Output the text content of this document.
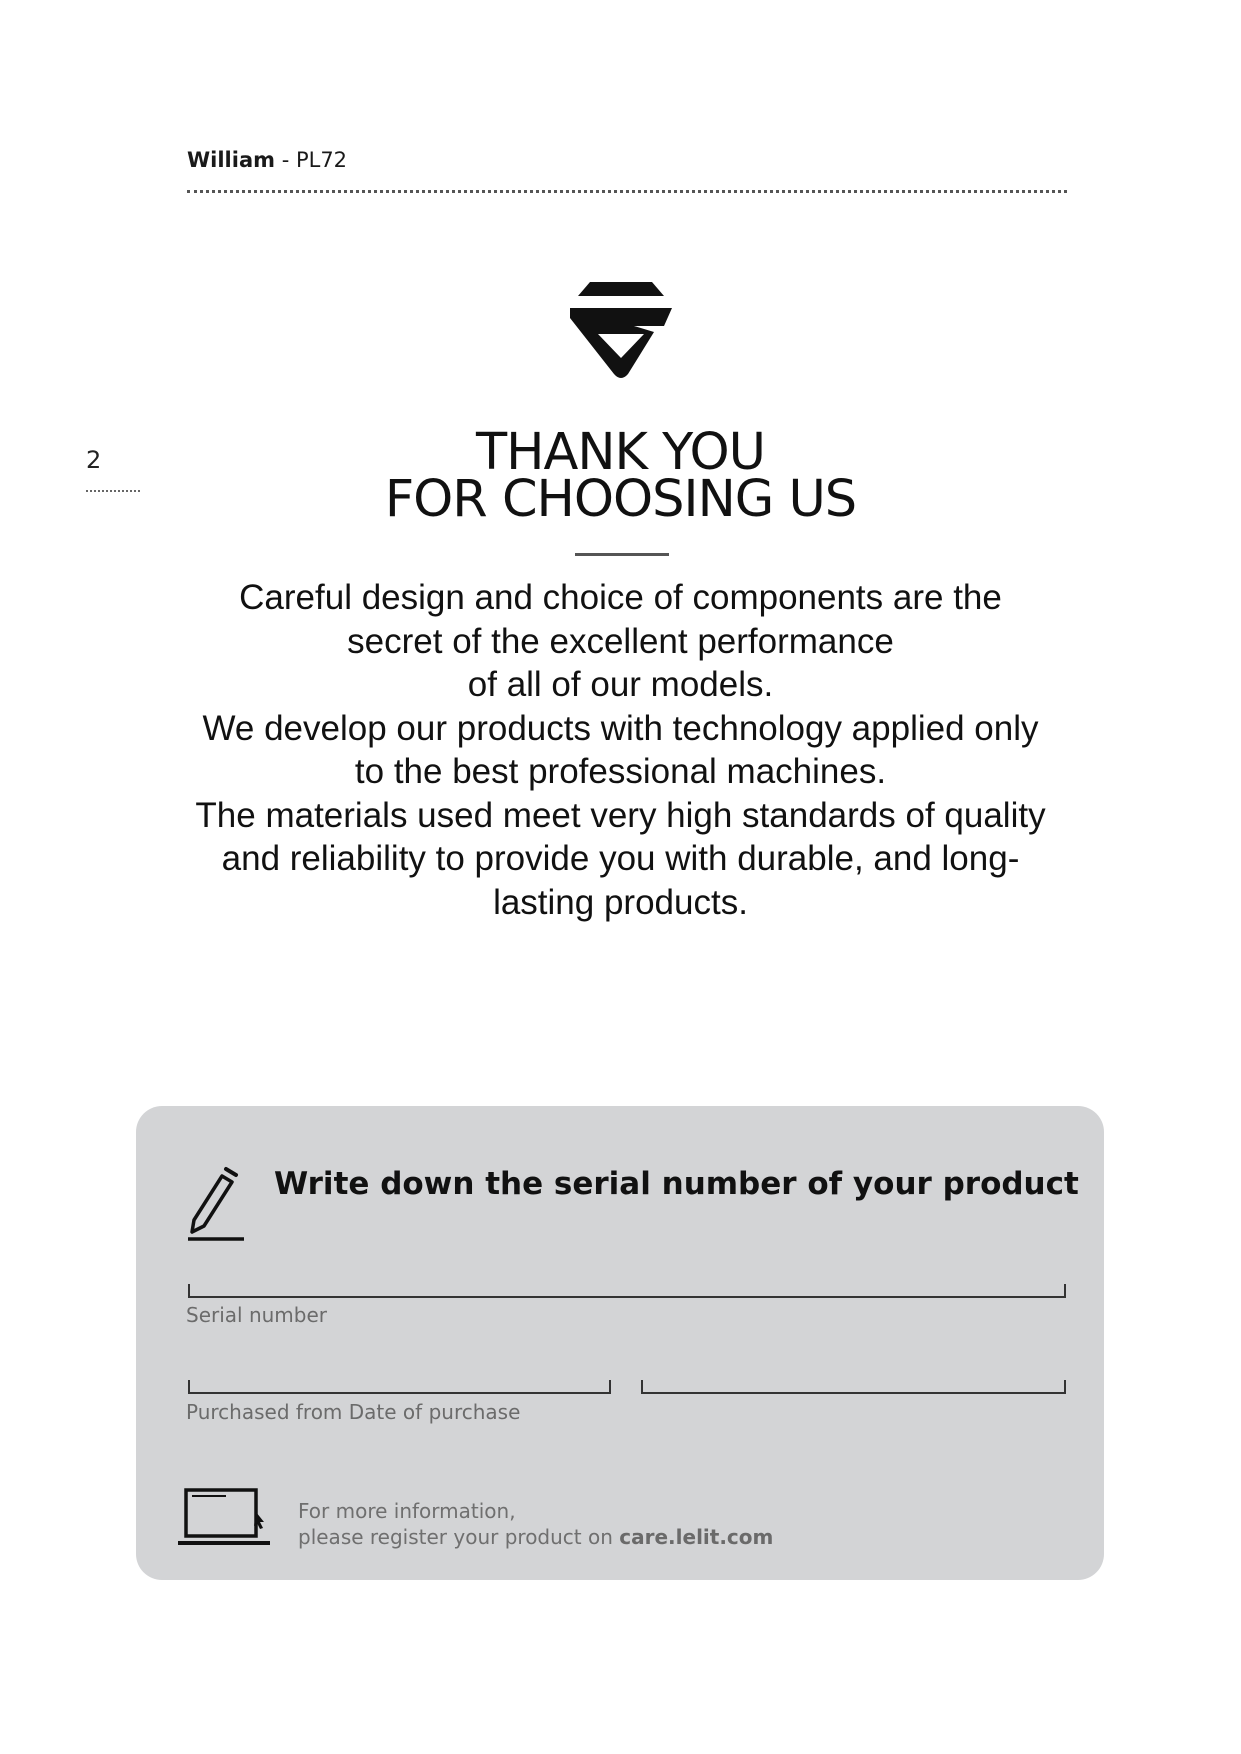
William - PL72
2	THANK YOU
FOR CHOOSING US
Careful design and choice of components are the
secret of the excellent performance
of all of our models.
We develop our products with technology applied only
to the best professional machines.
The materials used meet very high standards of quality
and reliability to provide you with durable, and long-
lasting products.
Write down the serial number of your product
Serial number
Purchased from Date of purchase
For more information,
please register your product on care.lelit.com
